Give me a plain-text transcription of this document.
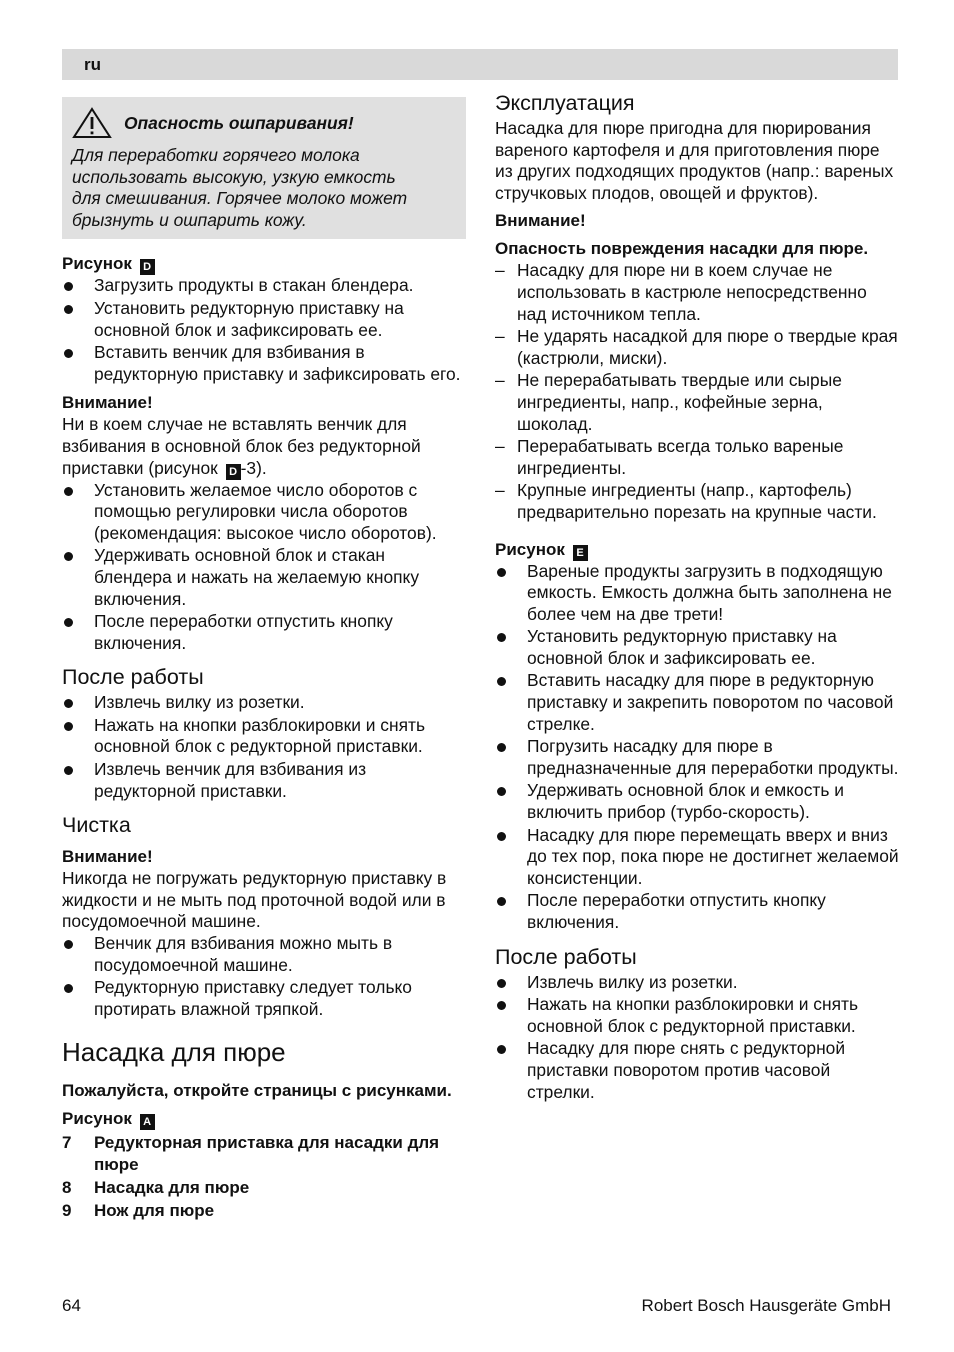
ru
Опасность ошпаривания!
Для переработки горячего молока
использовать высокую, узкую емкость
для смешивания. Горячее молоко может
брызнуть и ошпарить кожу.

Рисунок D

Загрузить продукты в стакан блендера.
Установить редукторную приставку на основной блок и зафиксировать ее.
Вставить венчик для взбивания в редукторную приставку и зафиксировать его.

Внимание!

Ни в коем случае не вставлять венчик для взбивания в основной блок без редукторной приставки (рисунок D -3).

Установить желаемое число оборотов с помощью регулировки числа оборотов (рекомендация: высокое число оборотов).
Удерживать основной блок и стакан блендера и нажать на желаемую кнопку включения.
После переработки отпустить кнопку включения.
После работы
Извлечь вилку из розетки.
Нажать на кнопки разблокировки и снять основной блок с редукторной приставки.
Извлечь венчик для взбивания из редукторной приставки.
Чистка

Внимание!

Никогда не погружать редукторную приставку в жидкости и не мыть под проточной водой или в посудомоечной машине.

Венчик для взбивания можно мыть в посудомоечной машине.
Редукторную приставку следует только протирать влажной тряпкой.
Насадка для пюре

Пожалуйста, откройте страницы с рисунками.

Рисунок A

7 Редукторная приставка для насадки для пюре
8 Насадка для пюре
9 Нож для пюре
Эксплуатация

Насадка для пюре пригодна для пюрирования вареного картофеля и для приготовления пюре из других подходящих продуктов (напр.: вареных стручковых плодов, овощей и фруктов).

Внимание!

Опасность повреждения насадки для пюре.

– Насадку для пюре ни в коем случае не использовать в кастрюле непосредственно над источником тепла.
– Не ударять насадкой для пюре о твердые края (кастрюли, миски).
– Не перерабатывать твердые или сырые ингредиенты, напр., кофейные зерна, шоколад.
– Перерабатывать всегда только вареные ингредиенты.
– Крупные ингредиенты (напр., картофель) предварительно порезать на крупные части.

Рисунок E

Вареные продукты загрузить в подходящую емкость. Емкость должна быть заполнена не более чем на две трети!
Установить редукторную приставку на основной блок и зафиксировать ее.
Вставить насадку для пюре в редукторную приставку и закрепить поворотом по часовой стрелке.
Погрузить насадку для пюре в предназначенные для переработки продукты.
Удерживать основной блок и емкость и включить прибор (турбо-скорость).
Насадку для пюре перемещать вверх и вниз до тех пор, пока пюре не достигнет желаемой консистенции.
После переработки отпустить кнопку включения.
После работы
Извлечь вилку из розетки.
Нажать на кнопки разблокировки и снять основной блок с редукторной приставки.
Насадку для пюре снять с редукторной приставки поворотом против часовой стрелки.
64	Robert Bosch Hausgeräte GmbH
